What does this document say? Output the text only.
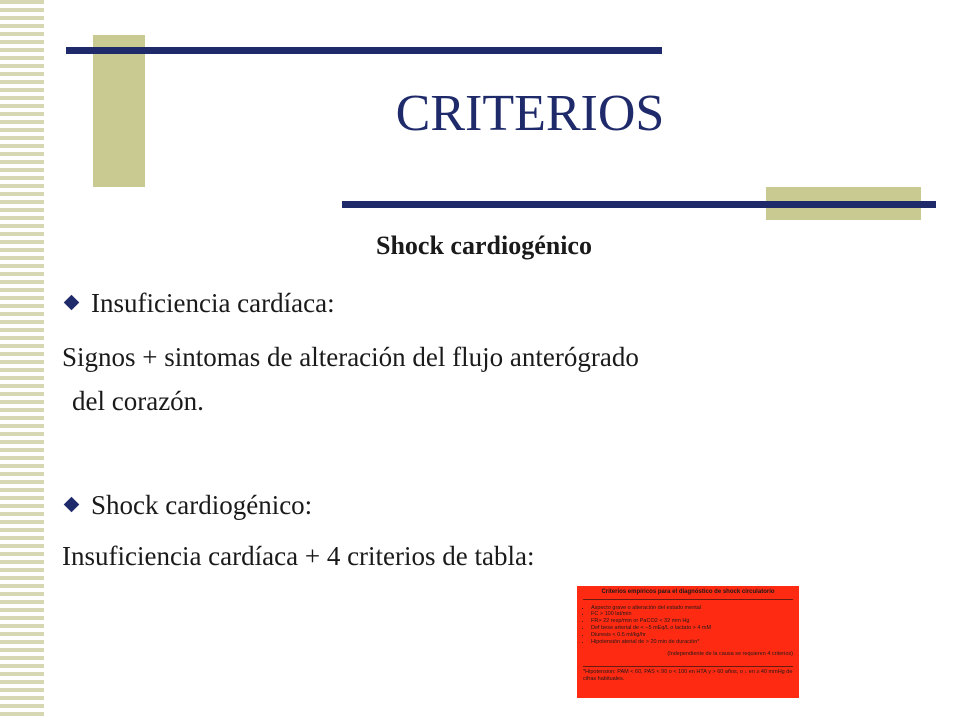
CRITERIOS
Shock cardiogénico
Insuficiencia cardíaca:
Signos + sintomas de alteración del flujo anterógrado
del corazón.
Shock cardiogénico:
Insuficiencia cardíaca + 4 criterios de tabla:
Criterios empíricos para el diagnóstico de shock circulatorio
• Aspecto grave o alteración del estado mental
• FC > 100 lat/min
• FR> 22 resp/min or PaCO2 < 32 mm Hg
• Def bese arterial de < −5 mEq/L o lactato > 4 mM
• Diuresis < 0.5 ml/kg/hr
• Hipotensión aterial de > 20 min de duración*
(Independiente de la causa se requieren 4 criterios)
*Hipotension: PAM < 60, PAS < 90 o < 100 en HTA y > 60 años, o ↓ en ≥ 40 mmHg de cifras habituales.
